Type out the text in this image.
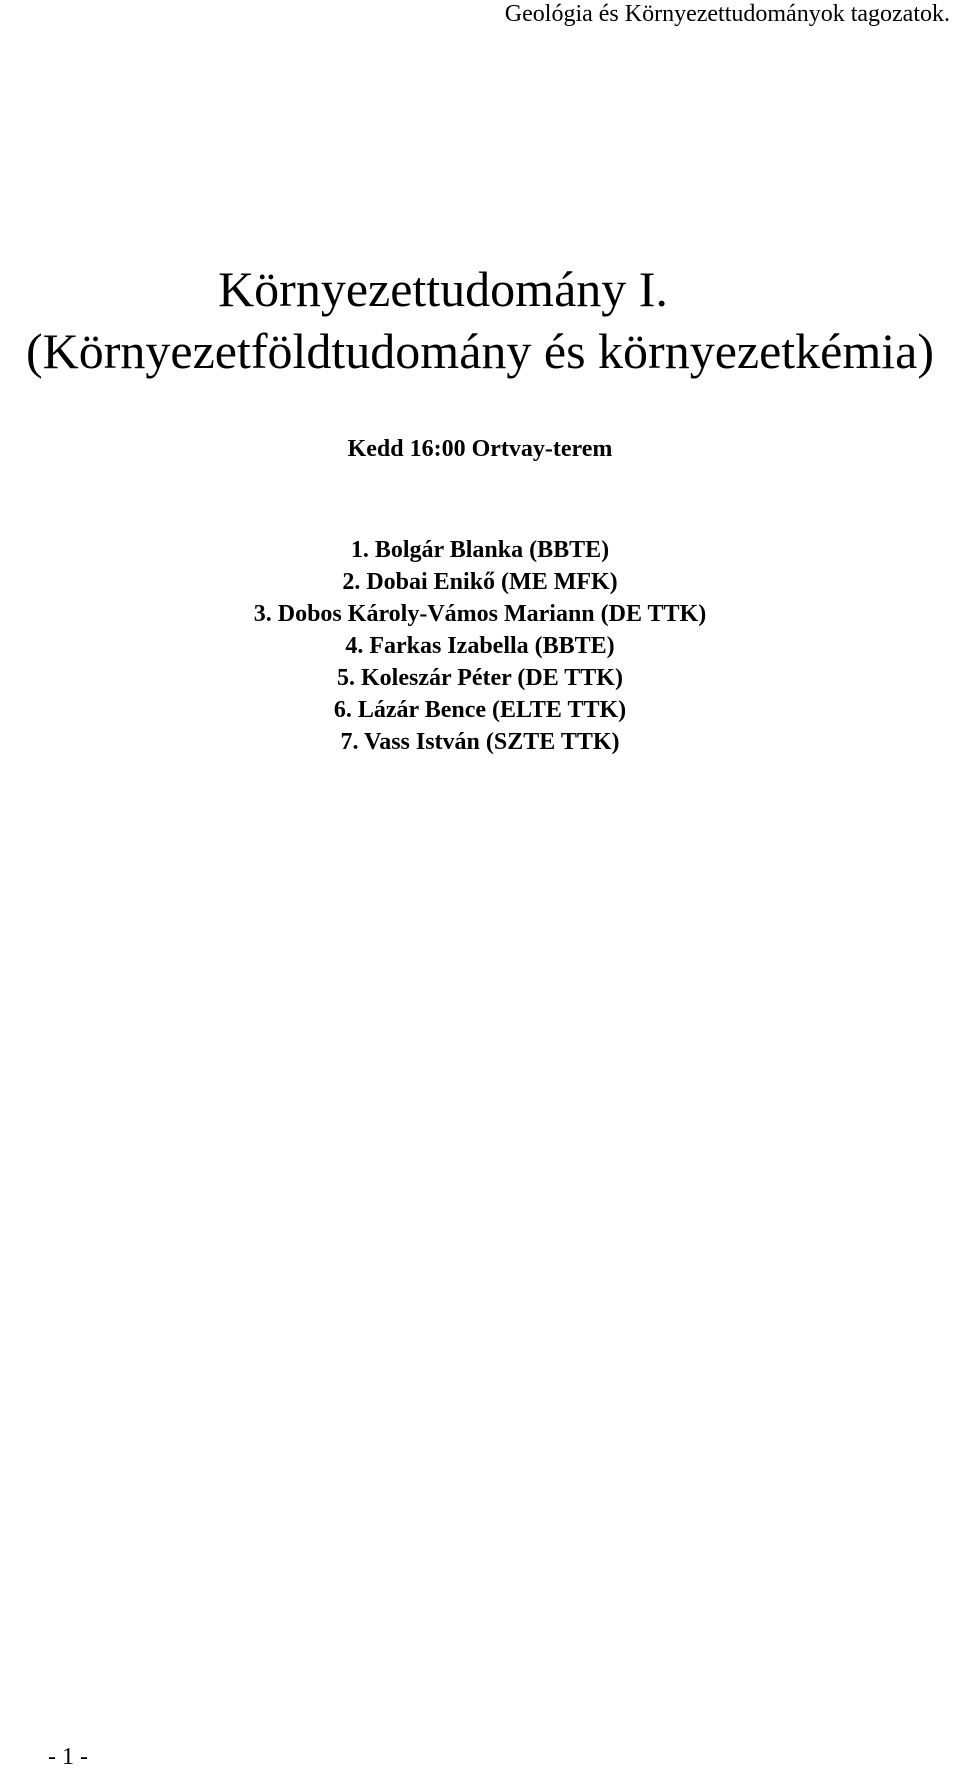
Geológia és Környezettudományok tagozatok.
Környezettudomány I.
(Környezetföldtudomány és környezetkémia)
Kedd 16:00 Ortvay-terem
1. Bolgár Blanka (BBTE)
2. Dobai Enikő (ME MFK)
3. Dobos Károly-Vámos Mariann (DE TTK)
4. Farkas Izabella (BBTE)
5. Koleszár Péter (DE TTK)
6. Lázár Bence (ELTE TTK)
7. Vass István (SZTE TTK)
- 1 -
